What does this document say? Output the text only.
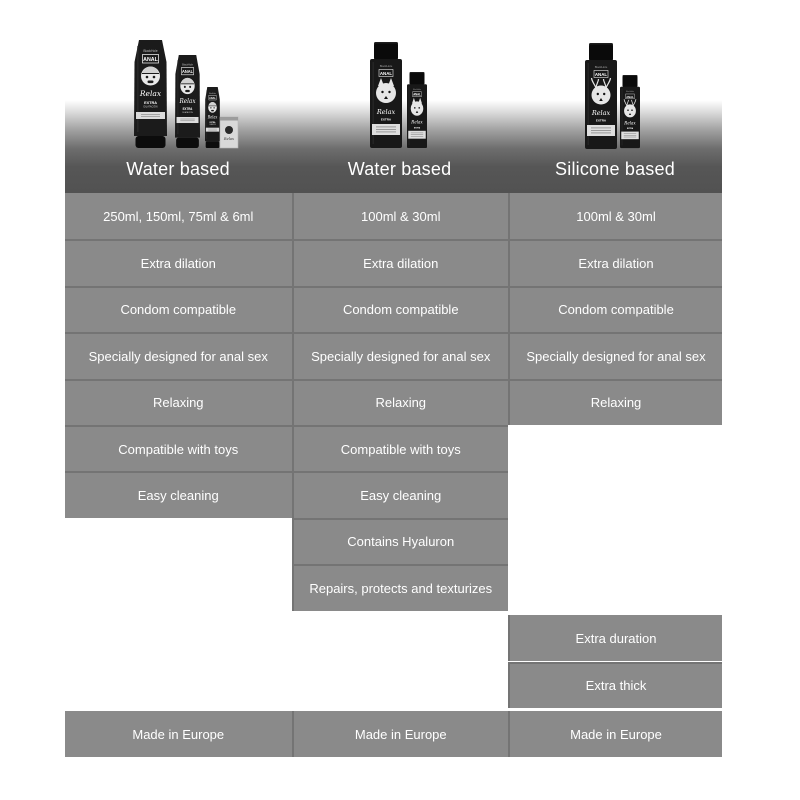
Water based	Water based	Silicone based
Relax
250ml, 150ml, 75ml & 6ml
Extra dilation
Condom compatible
Specially designed for anal sex
Relaxing
Compatible with toys
Easy cleaning
Made in Europe
100ml & 30ml
Extra dilation
Condom compatible
Specially designed for anal sex
Relaxing
Compatible with toys
Easy cleaning
Contains Hyaluron
Repairs, protects and texturizes
Made in Europe
100ml & 30ml
Extra dilation
Condom compatible
Specially designed for anal sex
Relaxing
Extra duration
Extra thick
Made in Europe
